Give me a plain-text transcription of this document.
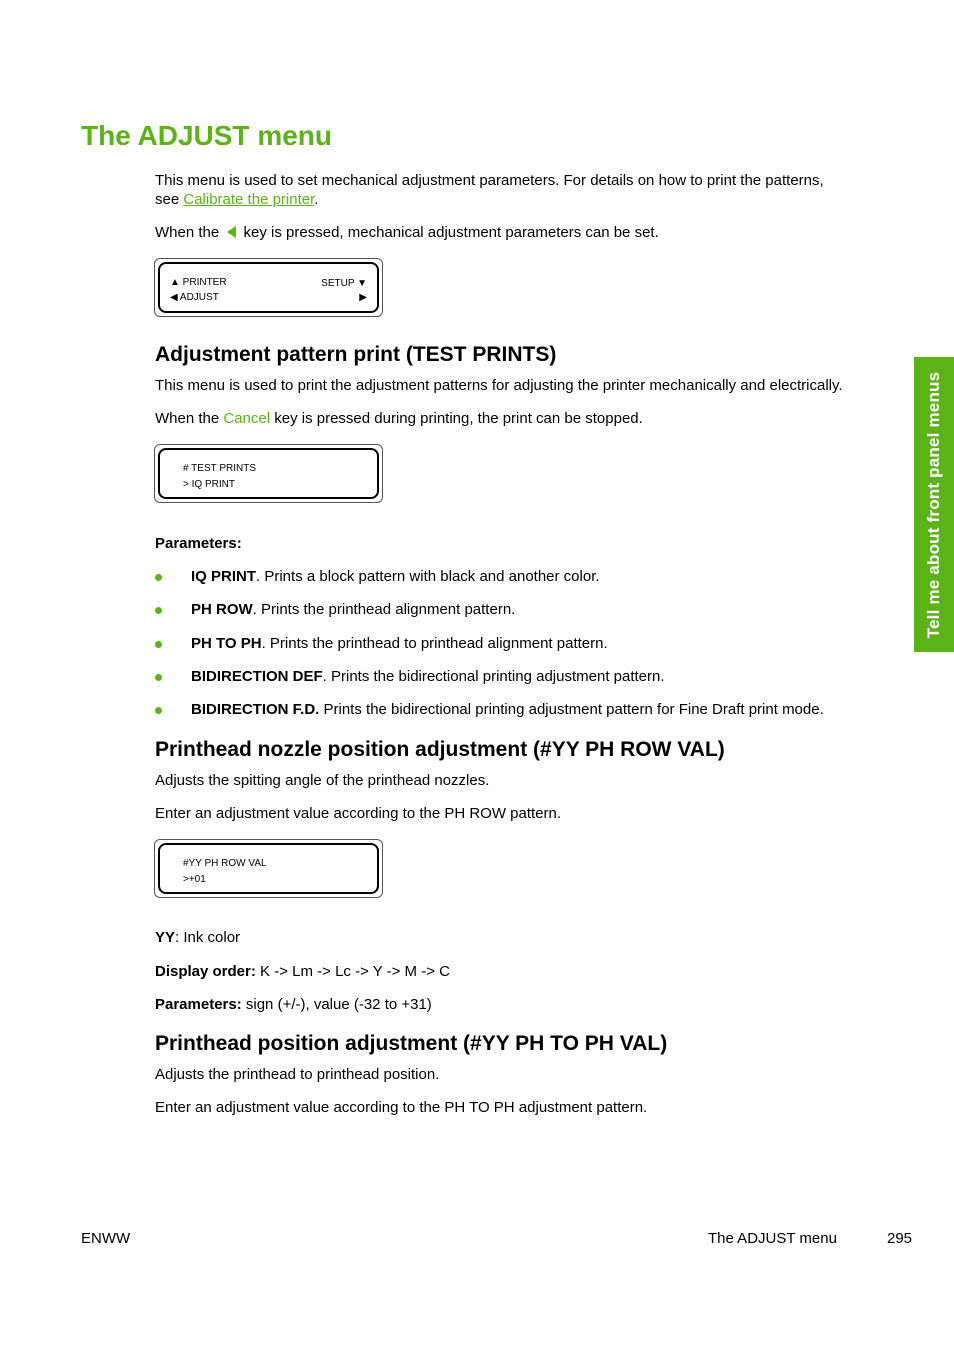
The ADJUST menu

This menu is used to set mechanical adjustment parameters. For details on how to print the patterns,

see Calibrate the printer.

When the  key is pressed, mechanical adjustment parameters can be set.

▲ PRINTER	SETUP ▼
◀ ADJUST	▶
Adjustment pattern print (TEST PRINTS)

This menu is used to print the adjustment patterns for adjusting the printer mechanically and electrically.

When the Cancel key is pressed during printing, the print can be stopped.

# TEST PRINTS
> IQ PRINT

Parameters:

IQ PRINT. Prints a block pattern with black and another color.
PH ROW. Prints the printhead alignment pattern.
PH TO PH. Prints the printhead to printhead alignment pattern.
BIDIRECTION DEF. Prints the bidirectional printing adjustment pattern.
BIDIRECTION F.D. Prints the bidirectional printing adjustment pattern for Fine Draft print mode.
Printhead nozzle position adjustment (#YY PH ROW VAL)

Adjusts the spitting angle of the printhead nozzles.

Enter an adjustment value according to the PH ROW pattern.

#YY PH ROW VAL
>+01

YY: Ink color

Display order: K -> Lm -> Lc -> Y -> M -> C

Parameters: sign (+/-), value (-32 to +31)

Printhead position adjustment (#YY PH TO PH VAL)

Adjusts the printhead to printhead position.

Enter an adjustment value according to the PH TO PH adjustment pattern.

Tell me about front panel menus
ENWW	The ADJUST menu	295
